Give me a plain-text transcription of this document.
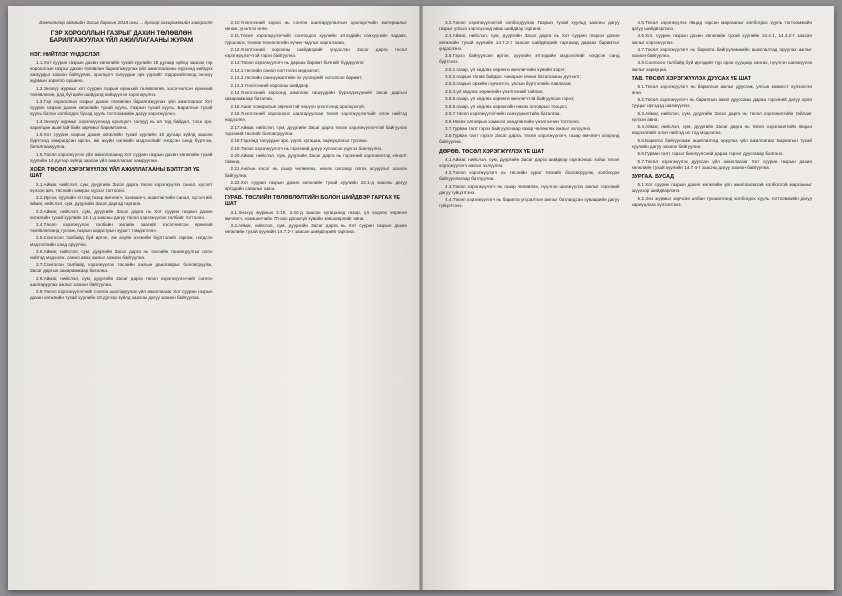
Баянхонгор аймгийн Засаг даргын 2018 оны ... дугаар захирамжийн хавсралт

ГЭР ХОРООЛЛЫН ГАЗРЫГ ДАХИН ТӨЛӨВЛӨН БАРИЛГАЖУУЛАХ ҮЙЛ АЖИЛЛАГААНЫ ЖУРАМ
НЭГ. НИЙТЛЭГ ҮНДЭСЛЭЛ

1.1.Хот суурин газрын дахин хөгжлийн тухай хуулийн 18 дугаар зүйлд заасан гэр хорооллын газрыг дахин төлөвлөн барилгажуулах үйл ажиллагааны хүрээнд хийгдэх ажлуудыг зохион байгуулах, оролцогч талуудын эрх үүргийг тодорхойлоход энэхүү журмын зорилго оршино.

1.2.Энэхүү журмыг хот суурин газрын ерөнхий төлөвлөгөө, хэсэгчилсэн ерөнхий төлөвлөгөө, дэд бүтцийн шийдэлд нийцүүлэн хэрэгжүүлнэ.

1.3.Гэр хорооллын газрыг дахин төлөвлөн барилгажуулах үйл ажиллагааг Хот суурин газрын дахин хөгжлийн тухай хууль, Газрын тухай хууль, Барилгын тухай хууль болон холбогдох бусад хууль тогтоомжийн дагуу хэрэгжүүлнэ.

1.4.Энэхүү журмыг хэрэгжүүлэхэд оролцогч талууд нь ил тод байдал, тэгш эрх, харилцан ашигтай байх зарчмыг баримтална.

1.5.Хот суурин газрын дахин хөгжлийн тухай хуулийн 10 дугаар зүйлд заасан бүртгэлд хамрагдсан иргэн, аж ахуйн нэгжийн мэдээллийг нэгдсэн санд бүртгэж, баталгаажуулна.

1.6.Төсөл хэрэгжүүлэх үйл ажиллагаанд Хот суурин газрын дахин хөгжлийн тухай хуулийн 14 дүгээр зүйлд заасан үйл ажиллагааг хамруулна.

ХОЁР. ТӨСӨЛ ХЭРЭГЖҮҮЛЭХ ҮЙЛ АЖИЛЛАГААНЫ БЭЛТГЭЛ ҮЕ ШАТ

2.1.Аймаг, нийслэл, сум, дүүргийн Засаг дарга төсөл хэрэгжүүлэх санал, хүсэлт хүлээн авч, төслийн хамрах хүрээг тогтооно.

2.2.Иргэн, хуулийн этгээд газар өмчлөгч, эзэмшигч, ашиглагчийн санал, хүсэлтийг аймаг, нийслэл, сум, дүүргийн Засаг даргад гаргана.

2.3.Аймаг, нийслэл, сум, дүүргийн Засаг дарга нь Хот суурин газрын дахин хөгжлийн тухай хуулийн 14.1-д заасны дагуу төсөл хэрэгжүүлэх талбайг тогтооно.

2.4.Төсөл хэрэгжүүлэх талбайн хилийн заагийг хэсэгчилсэн ерөнхий төлөвлөгөөнд тусгаж, газрын кадастрын зурагт тэмдэглэнэ.

2.5.Сонгосон талбайд буй иргэн, аж ахуйн нэгжийн бүртгэлийг гаргаж, нэгдсэн мэдээллийн санд оруулна.

2.6.Аймаг, нийслэл, сум, дүүргийн Засаг дарга нь төслийн танилцуулгыг олон нийтэд мэдээлж, санал авах ажлыг зохион байгуулна.

2.7.Сонгосон талбайд хэрэгжүүлэх төслийн ажлын даалгаврыг боловсруулж, Засаг даргын захирамжаар батална.

2.8.Аймаг, нийслэл, сум, дүүргийн Засаг дарга төсөл хэрэгжүүлэгчийг сонгон шалгаруулах ажлыг зохион байгуулна.

2.9.Төсөл хэрэгжүүлэгчийг сонгон шалгаруулах үйл ажиллагааг Хот суурин газрын дахин хөгжлийн тухай хуулийн 19 дүгээр зүйлд заасны дагуу зохион байгуулна.

2.10.Үнэлгээний хороо нь сонгон шалгаруулалтын оролцогчийн материалыг хянаж, үнэлгээ өгнө.

2.11.Төсөл хэрэгжүүлэгчийг сонгохдоо хуулийн этгээдийн санхүүгийн чадавх, туршлага, техник технологийн хүчин чадлыг харгалзана.

2.12.Үнэлгээний хорооны шийдвэрийг үндэслэн Засаг дарга төсөл хэрэгжүүлэгчтэй гэрээ байгуулна.

2.13.Төсөл хэрэгжүүлэгч нь дараах баримт бичгийг бүрдүүлнэ:

2.13.1.төслийн санал нэгтгэсэн мэдээлэл;

2.13.2.төслийн санхүүжилтийн эх үүсвэрийг нотолсон баримт;

2.13.3.Үнэлгээний хорооны шийдвэр.

2.14.Үнэлгээний хороонд ажиллах гишүүдийн бүрэлдэхүүнийг Засаг даргын захирамжаар батална.

2.15.Ашиг сонирхлын зөрчилтэй гишүүн үнэлгээнд оролцохгүй.

2.16.Үнэлгээний хорооноос шалгаруулсан төсөл хэрэгжүүлэгчийг олон нийтэд мэдээлнэ.

2.17.Аймаг, нийслэл, сум, дүүргийн Засаг дарга төсөл хэрэгжүүлэгчтэй байгуулах гэрээний төслийг боловсруулна.

2.18.Гэрээнд талуудын эрх, үүрэг, хугацаа, хариуцлагыг тусгана.

2.19.Төсөл хэрэгжүүлэгч нь гэрээний дагуу хүлээсэн үүргээ биелүүлнэ.

2.20.Аймаг, нийслэл, сум, дүүргийн Засаг дарга нь гэрээний хэрэгжилтэд хяналт тавина.

2.21.Ажлын хэсэг нь газар чөлөөлөх, нөхөх олговор олгох асуудлыг зохион байгуулна.

2.22.Хот суурин газрын дахин хөгжлийн тухай хуулийн 22.1-д заасны дагуу иргэдийн саналыг авна.

ГУРАВ. ТӨСЛИЙН ТӨЛӨВЛӨЛТИЙН БОЛОН ШИЙДВЭР ГАРГАХ ҮЕ ШАТ

3.1.Энэхүү журмын 2.19, 2.20-д заасан хугацаанд газар, үл хөдлөх хөрөнгө өмчлөгч, эзэмшигчийн 70-аас доошгүй хувийн зөвшөөрлийг авна.

3.2.Аймаг, нийслэл, сум, дүүргийн Засаг дарга нь Хот суурин газрын дахин хөгжлийн тухай хуулийн 14.7.2-т заасан шийдвэрийг гаргана.

3.3.Төсөл хэрэгжүүлэхтэй холбогдуулан Газрын тухай хуульд заасны дагуу газрыг улсын хэрэгцээнд авах шийдвэр гаргана.

3.4.Аймаг, нийслэл, сум, дүүргийн Засаг дарга нь Хот суурин газрын дахин хөгжлийн тухай хуулийн 14.7.2-т заасан шийдвэрийг гаргахад дараах баримтыг үндэслэнэ.

3.5.Гэрээ байгуулсан иргэн, хуулийн этгээдийн мэдээллийг нэгдсэн санд бүртгэнэ.

3.5.1.газар, үл хөдлөх хөрөнгө өмчлөгчийн хувийн хэрэг;

3.5.2.газрын төлөв байдал, чанарын хянан баталгааны дүгнэлт;

3.5.3.газрын эрхийн гэрчилгээ, улсын бүртгэлийн лавлагаа;

3.5.4.үл хөдлөх хөрөнгийн үнэлгээний тайлан;

3.5.5.газар, үл хөдлөх хөрөнгө өмчлөгчтэй байгуулсан гэрээ;

3.5.6.газар, үл хөдлөх хөрөнгийн нөхөх олговрын тооцоо;

3.5.7.төсөл хэрэгжүүлэгчийн санхүүжилтийн баталгаа.

3.6.Нөхөх олговрын хэмжээг хөндлөнгийн үнэлгээчин тогтооно.

3.7.Гурван талт гэрээ байгуулснаар газар чөлөөлөх ажлыг эхлүүлнэ.

3.8.Гурван талт гэрээг Засаг дарга, төсөл хэрэгжүүлэгч, газар өмчлөгч хооронд байгуулна.

ДӨРӨВ. ТӨСӨЛ ХЭРЭГЖҮҮЛЭХ ҮЕ ШАТ

4.1.Аймаг, нийслэл, сум, дүүргийн Засаг дарга шийдвэр гаргаснаас хойш төсөл хэрэгжүүлэгч ажлыг эхлүүлнэ.

4.2.Төсөл хэрэгжүүлэгч нь төслийн зураг төсвийг боловсруулж, холбогдох байгууллагаар батлуулна.

4.3.Төсөл хэрэгжүүлэгч нь газар чөлөөлөх, нүүлгэн шилжүүлэх ажлыг гэрээний дагуу гүйцэтгэнэ.

4.4.Төсөл хэрэгжүүлэгч нь барилга угсралтын ажлыг батлагдсан хуваарийн дагуу гүйцэтгэнэ.

4.5.Төсөл хэрэгжүүлэх явцад гарсан маргааныг холбогдох хууль тогтоомжийн дагуу шийдвэрлэнэ.

4.6.Хот, суурин газрын дахин хөгжлийн тухай хуулийн 14.4.1, 14.4.2-т заасан ажлыг хэрэгжүүлнэ.

4.7.Төсөл хэрэгжүүлэгч нь барилга байгууламжийн ашиглалтад оруулах ажлыг зохион байгуулна.

4.8.Сонгосон талбайд буй иргэдийг түр орон сууцаар хангах, нүүлгэн шилжүүлэх ажлыг хариуцна.

ТАВ. ТӨСӨЛ ХЭРЭГЖҮҮЛЭХ ДУУСАХ ҮЕ ШАТ

5.1.Төсөл хэрэгжүүлэгч нь барилгын ажлыг дуусгаж, улсын комисст хүлээлгэн өгнө.

5.2.Төсөл хэрэгжүүлэгч нь барилгын ажил дууссаны дараа гэрээний дагуу орон сууцыг иргэдэд шилжүүлнэ.

5.3.Аймаг, нийслэл, сум, дүүргийн Засаг дарга нь төсөл хэрэгжилтийн тайланг хүлээн авна.

5.4.Аймаг, нийслэл, сум, дүүргийн Засаг дарга нь төсөл хэрэгжилтийн явцын мэдээллийг олон нийтэд ил тод мэдээлнэ.

5.5.Барилга байгууламж ашиглалтад оруулах үйл ажиллагааг Барилгын тухай хуулийн дагуу зохион байгуулна.

5.6.Гурван талт гэрээг биелүүлсний дараа гэрээг дуусгавар болгоно.

5.7.Төсөл хэрэгжүүлэх дууссан үйл ажиллагааг Хот суурин газрын дахин хөгжлийн тухай хуулийн 14.7.4-т заасны дагуу зохион байгуулна.

ЗУРГАА. БУСАД

6.1.Хот суурин газрын дахин хөгжлийн үйл ажиллагаатай холбоотой маргааныг шүүхээр шийдвэрлэнэ.

6.2.Энэ журмыг зөрчсөн албан тушаалтанд холбогдох хууль тогтоомжийн дагуу хариуцлага хүлээлгэнэ.
